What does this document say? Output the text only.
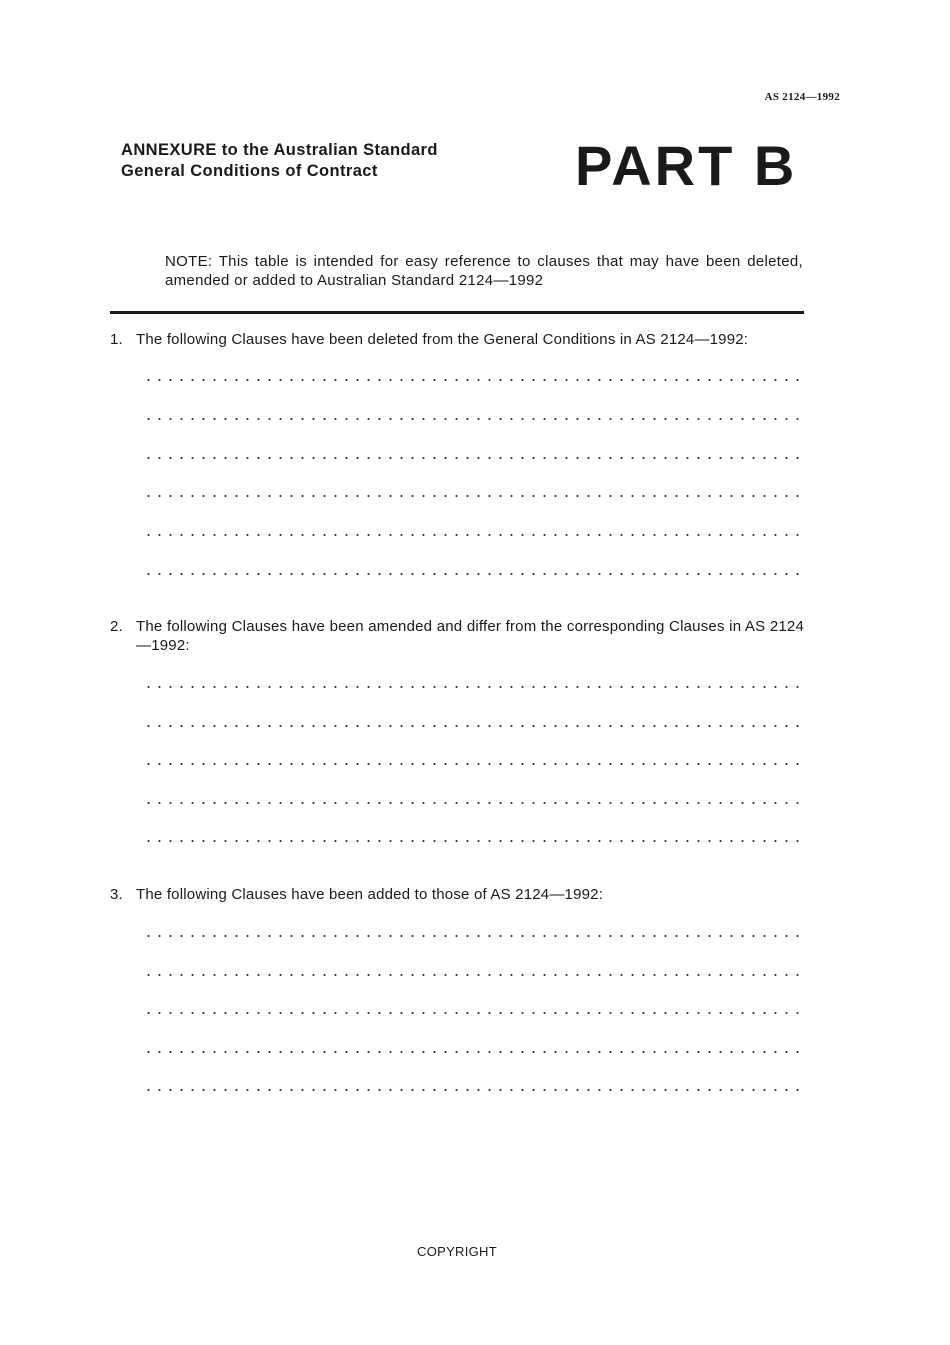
AS 2124—1992
ANNEXURE to the Australian Standard
General Conditions of Contract	PART B
NOTE: This table is intended for easy reference to clauses that may have been deleted, amended or added to Australian Standard 2124—1992
1. The following Clauses have been deleted from the General Conditions in AS 2124—1992:
2. The following Clauses have been amended and differ from the corresponding Clauses in AS 2124—1992:
3. The following Clauses have been added to those of AS 2124—1992:
COPYRIGHT
